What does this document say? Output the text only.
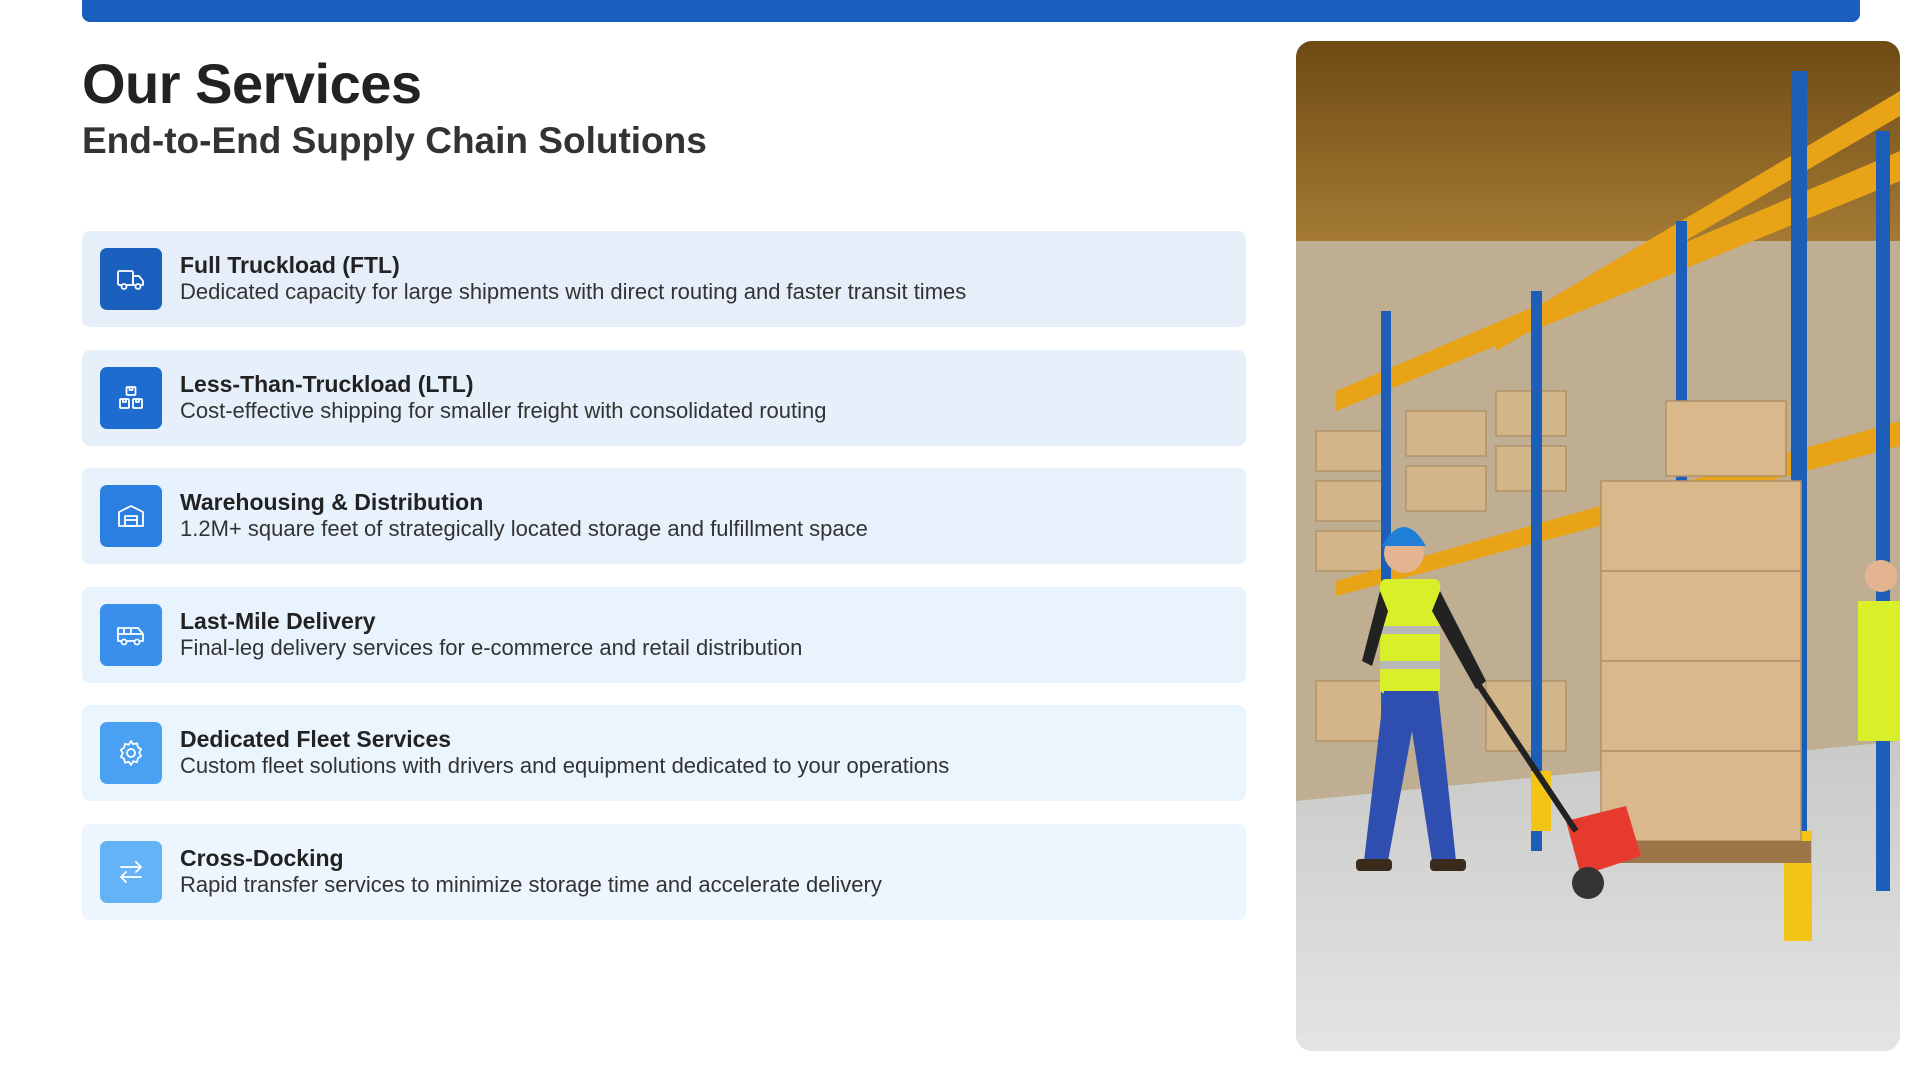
Our Services
End-to-End Supply Chain Solutions
Full Truckload (FTL)
Dedicated capacity for large shipments with direct routing and faster transit times
Less-Than-Truckload (LTL)
Cost-effective shipping for smaller freight with consolidated routing
Warehousing & Distribution
1.2M+ square feet of strategically located storage and fulfillment space
Last-Mile Delivery
Final-leg delivery services for e-commerce and retail distribution
Dedicated Fleet Services
Custom fleet solutions with drivers and equipment dedicated to your operations
Cross-Docking
Rapid transfer services to minimize storage time and accelerate delivery
